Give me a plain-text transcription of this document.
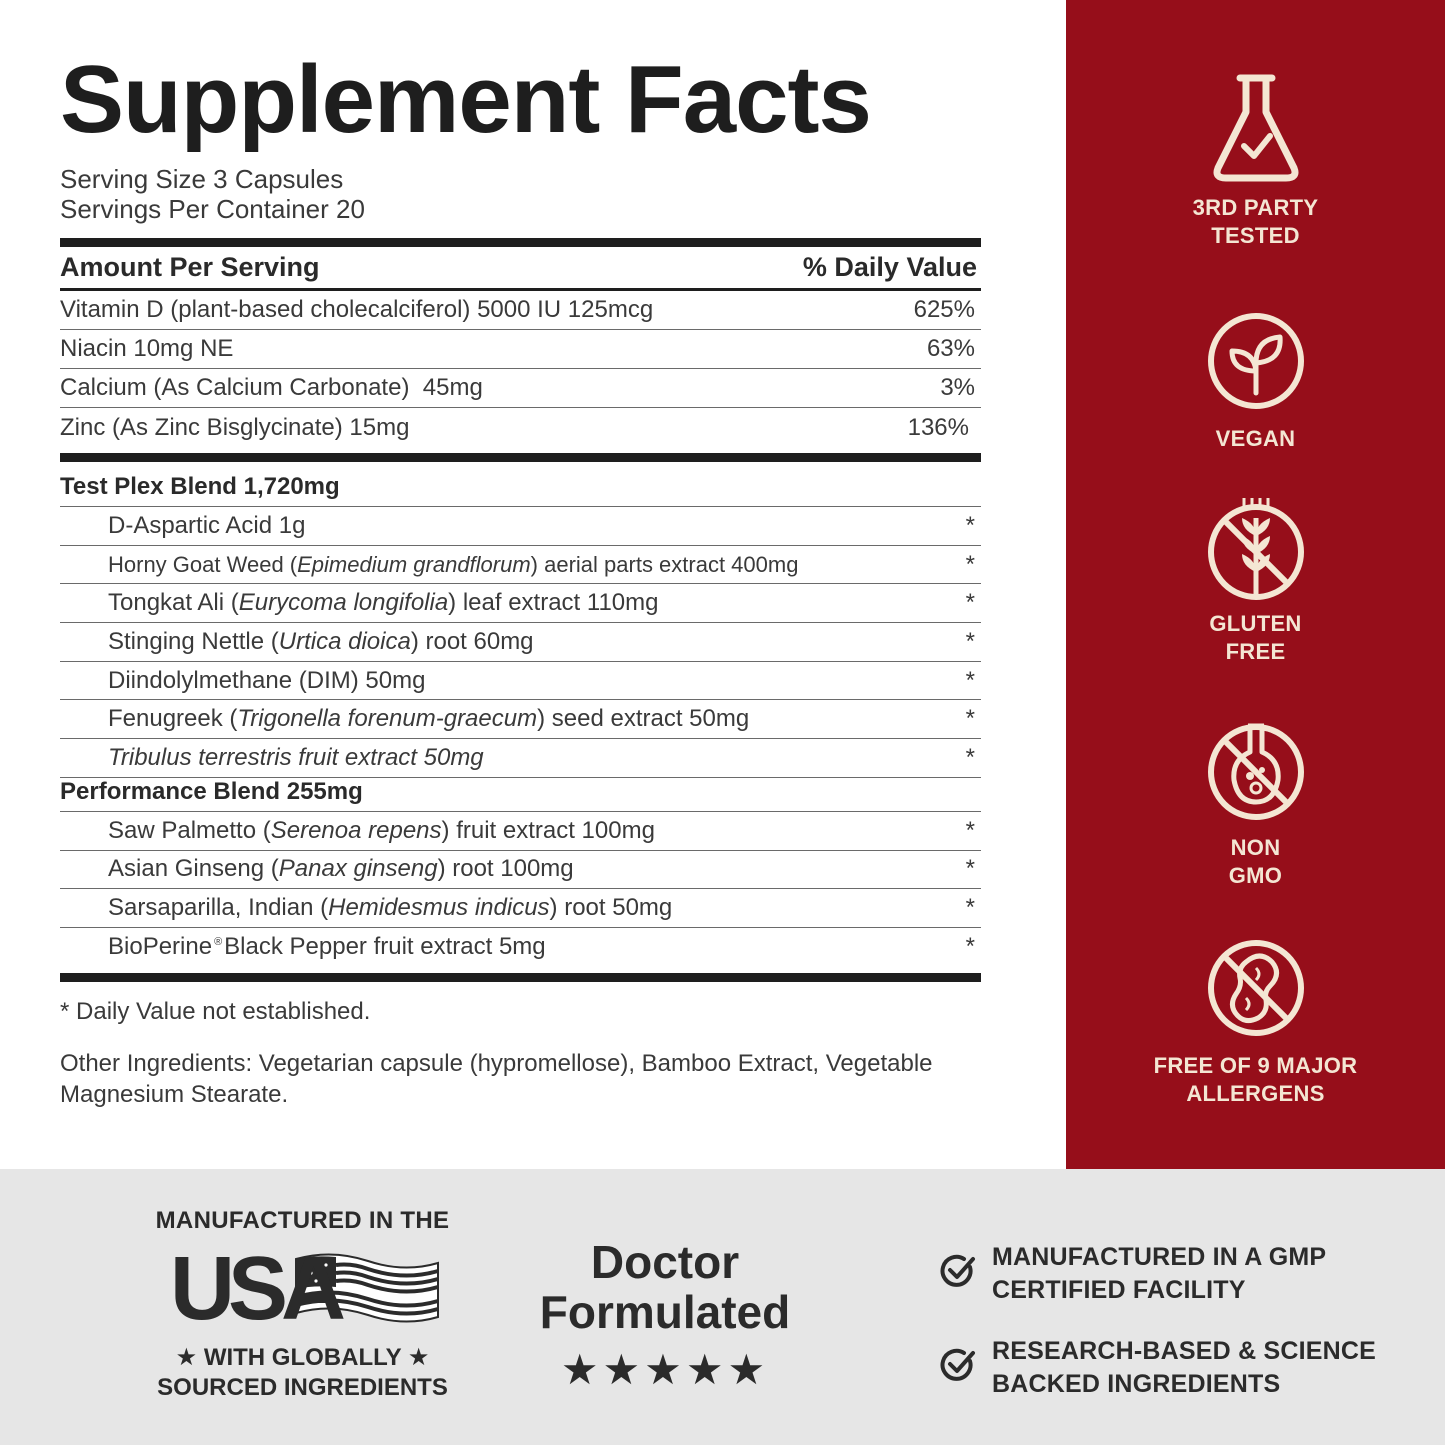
Supplement Facts
Serving Size 3 Capsules
Servings Per Container 20
Amount Per Serving	% Daily Value
Vitamin D (plant-based cholecalciferol) 5000 IU 125mcg	625%
Niacin 10mg NE	63%
Calcium (As Calcium Carbonate)  45mg	3%
Zinc (As Zinc Bisglycinate) 15mg	136%
Test Plex Blend 1,720mg
D-Aspartic Acid 1g	*
Horny Goat Weed (Epimedium grandflorum) aerial parts extract 400mg	*
Tongkat Ali (Eurycoma longifolia) leaf extract 110mg	*
Stinging Nettle (Urtica dioica) root 60mg	*
Diindolylmethane (DIM) 50mg	*
Fenugreek (Trigonella forenum-graecum) seed extract 50mg	*
Tribulus terrestris fruit extract 50mg	*
Performance Blend 255mg
Saw Palmetto (Serenoa repens) fruit extract 100mg	*
Asian Ginseng (Panax ginseng) root 100mg	*
Sarsaparilla, Indian (Hemidesmus indicus) root 50mg	*
BioPerine ®Black Pepper fruit extract 5mg	*
* Daily Value not established.
Other Ingredients: Vegetarian capsule (hypromellose), Bamboo Extract, Vegetable Magnesium Stearate.
3RD PARTY
TESTED
VEGAN
GLUTEN
FREE
NON
GMO
FREE OF 9 MAJOR
ALLERGENS
MANUFACTURED IN THE
USA
★ WITH GLOBALLY ★
SOURCED INGREDIENTS
Doctor
Formulated
★★★★★
MANUFACTURED IN A GMP
CERTIFIED FACILITY
RESEARCH-BASED & SCIENCE
BACKED INGREDIENTS
